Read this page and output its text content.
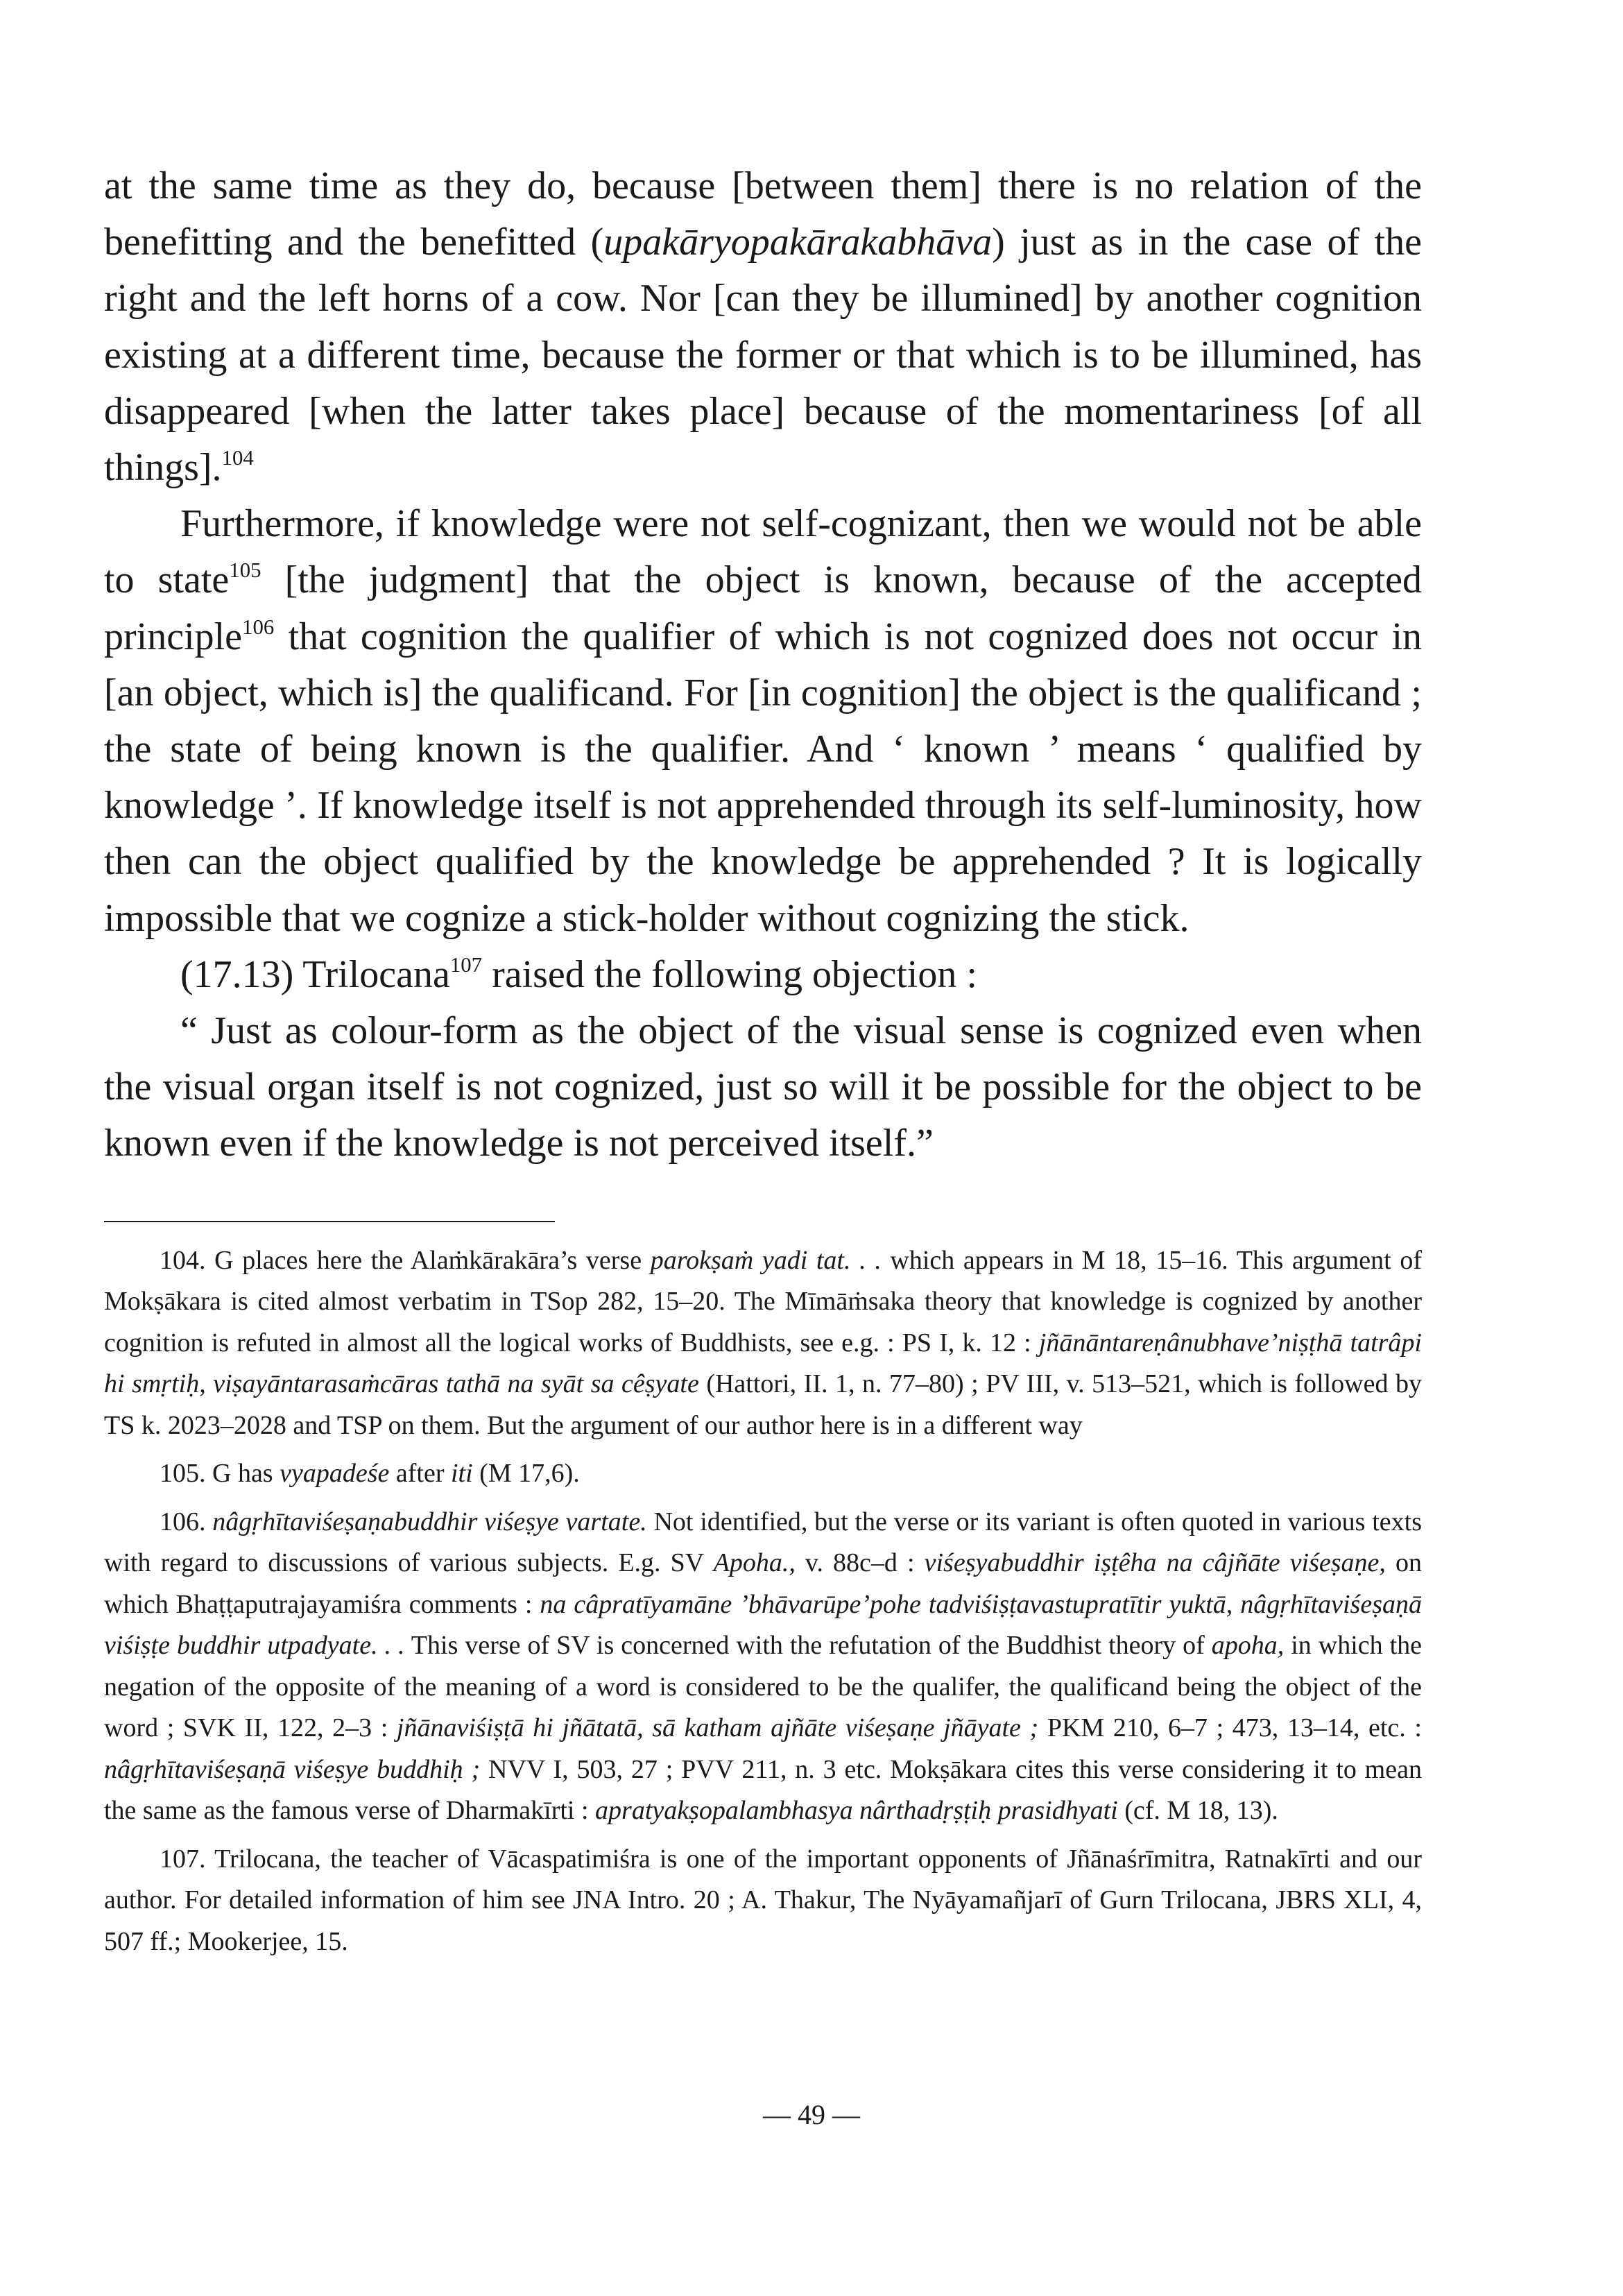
at the same time as they do, because [between them] there is no relation of the benefitting and the benefitted (upakāryopakārakabhāva) just as in the case of the right and the left horns of a cow. Nor [can they be illumined] by another cognition existing at a different time, because the former or that which is to be illumined, has disappeared [when the latter takes place] because of the momentariness [of all things].$^{104}$

Furthermore, if knowledge were not self-cognizant, then we would not be able to state$^{105}$ [the judgment] that the object is known, because of the accepted principle$^{106}$ that cognition the qualifier of which is not cognized does not occur in [an object, which is] the qualificand. For [in cognition] the object is the qualificand ; the state of being known is the qualifier. And ‘ known ’ means ‘ qualified by knowledge ’. If knowledge itself is not apprehended through its self-luminosity, how then can the object qualified by the knowledge be apprehended ? It is logically impossible that we cognize a stick-holder without cognizing the stick.

(17.13) Trilocana$^{107}$ raised the following objection :

“ Just as colour-form as the object of the visual sense is cognized even when the visual organ itself is not cognized, just so will it be possible for the object to be known even if the knowledge is not perceived itself.”

104. G places here the Alaṁkārakāra’s verse parokṣaṁ yadi tat. . . which appears in M 18, 15–16. This argument of Mokṣākara is cited almost verbatim in TSop 282, 15–20. The Mīmāṁsaka theory that knowledge is cognized by another cognition is refuted in almost all the logical works of Buddhists, see e.g. : PS I, k. 12 : jñānāntareṇânubhave’niṣṭhā tatrâpi hi smṛtiḥ, viṣayāntarasaṁcāras tathā na syāt sa cêṣyate (Hattori, II. 1, n. 77–80) ; PV III, v. 513–521, which is followed by TS k. 2023–2028 and TSP on them. But the argument of our author here is in a different way

105. G has vyapadeśe after iti (M 17,6).

106. nâgṛhītaviśeṣaṇabuddhir viśeṣye vartate. Not identified, but the verse or its variant is often quoted in various texts with regard to discussions of various subjects. E.g. SV Apoha., v. 88c–d : viśeṣyabuddhir iṣṭêha na câjñāte viśeṣaṇe, on which Bhaṭṭaputrajayamiśra comments : na câpratīyamāne ’bhāvarūpe’pohe tadviśiṣṭavastupratītir yuktā, nâgṛhītaviśeṣaṇā viśiṣṭe buddhir utpadyate. . . This verse of SV is concerned with the refutation of the Buddhist theory of apoha, in which the negation of the opposite of the meaning of a word is considered to be the qualifer, the qualificand being the object of the word ; SVK II, 122, 2–3 : jñānaviśiṣṭā hi jñātatā, sā katham ajñāte viśeṣaṇe jñāyate ; PKM 210, 6–7 ; 473, 13–14, etc. : nâgṛhītaviśeṣaṇā viśeṣye buddhiḥ ; NVV I, 503, 27 ; PVV 211, n. 3 etc. Mokṣākara cites this verse considering it to mean the same as the famous verse of Dharmakīrti : apratyakṣopalambhasya nârthadṛṣṭiḥ prasidhyati (cf. M 18, 13).

107. Trilocana, the teacher of Vācaspatimiśra is one of the important opponents of Jñānaśrīmitra, Ratnakīrti and our author. For detailed information of him see JNA Intro. 20 ; A. Thakur, The Nyāyamañjarī of Gurn Trilocana, JBRS XLI, 4, 507 ff.; Mookerjee, 15.

— 49 —
